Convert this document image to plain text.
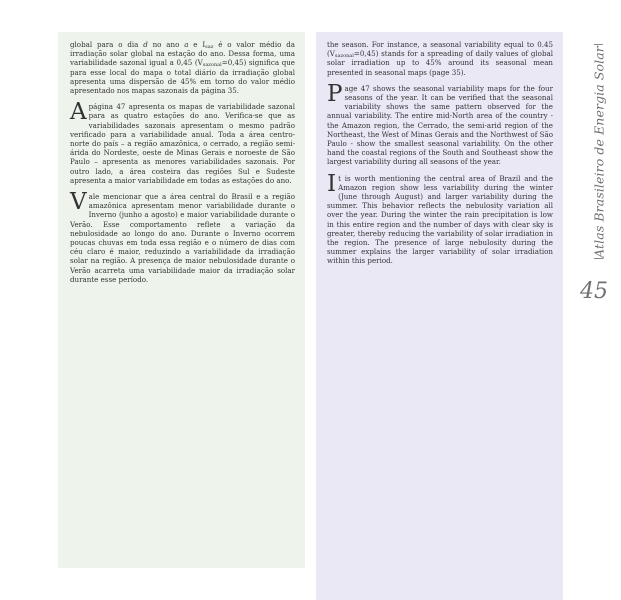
global para o dia d no ano a e $I_{saz}$ é o valor médio da irradiação solar global na estação do ano. Dessa forma, uma variabilidade sazonal igual a 0,45 $(V_{sazonal}=0,45)$ significa que para esse local do mapa o total diário da irradiação global apresenta uma dispersão de 45% em torno do valor médio apresentado nos mapas sazonais da página 35.

A página 47 apresenta os mapas de variabilidade sazonal para as quatro estações do ano. Verifica-se que as variabilidades sazonais apresentam o mesmo padrão verificado para a variabilidade anual. Toda a área centro-norte do país – a região amazônica, o cerrado, a região semi-árida do Nordeste, oeste de Minas Gerais e noroeste de São Paulo – apresenta as menores variabilidades sazonais. Por outro lado, a área costeira das regiões Sul e Sudeste apresenta a maior variabilidade em todas as estações do ano.

Vale mencionar que a área central do Brasil e a região amazônica apresentam menor variabilidade durante o Inverno (junho a agosto) e maior variabilidade durante o Verão. Esse comportamento reflete a variação da nebulosidade ao longo do ano. Durante o Inverno ocorrem poucas chuvas em toda essa região e o número de dias com céu claro é maior, reduzindo a variabilidade da irradiação solar na região. A presença de maior nebulosidade durante o Verão acarreta uma variabilidade maior da irradiação solar durante esse período.

the season. For instance, a seasonal variability equal to 0.45 $(V_{sazonal}=0,45)$ stands for a spreading of daily values of global solar irradiation up to 45% around its seasonal mean presented in seasonal maps (page 35).

Page 47 shows the seasonal variability maps for the four seasons of the year. It can be verified that the seasonal variability shows the same pattern observed for the annual variability. The entire mid-North area of the country - the Amazon region, the Cerrado, the semi-arid region of the Northeast, the West of Minas Gerais and the Northwest of São Paulo - show the smallest seasonal variability. On the other hand the coastal regions of the South and Southeast show the largest variability during all seasons of the year.

It is worth mentioning the central area of Brazil and the Amazon region show less variability during the winter (June through August) and larger variability during the summer. This behavior reflects the nebulosity variation all over the year. During the winter the rain precipitation is low in this entire region and the number of days with clear sky is greater, thereby reducing the variability of solar irradiation in the region. The presence of large nebulosity during the summer explains the larger variability of solar irradiation within this period.

Atlas Brasileiro de Energia Solar
45
